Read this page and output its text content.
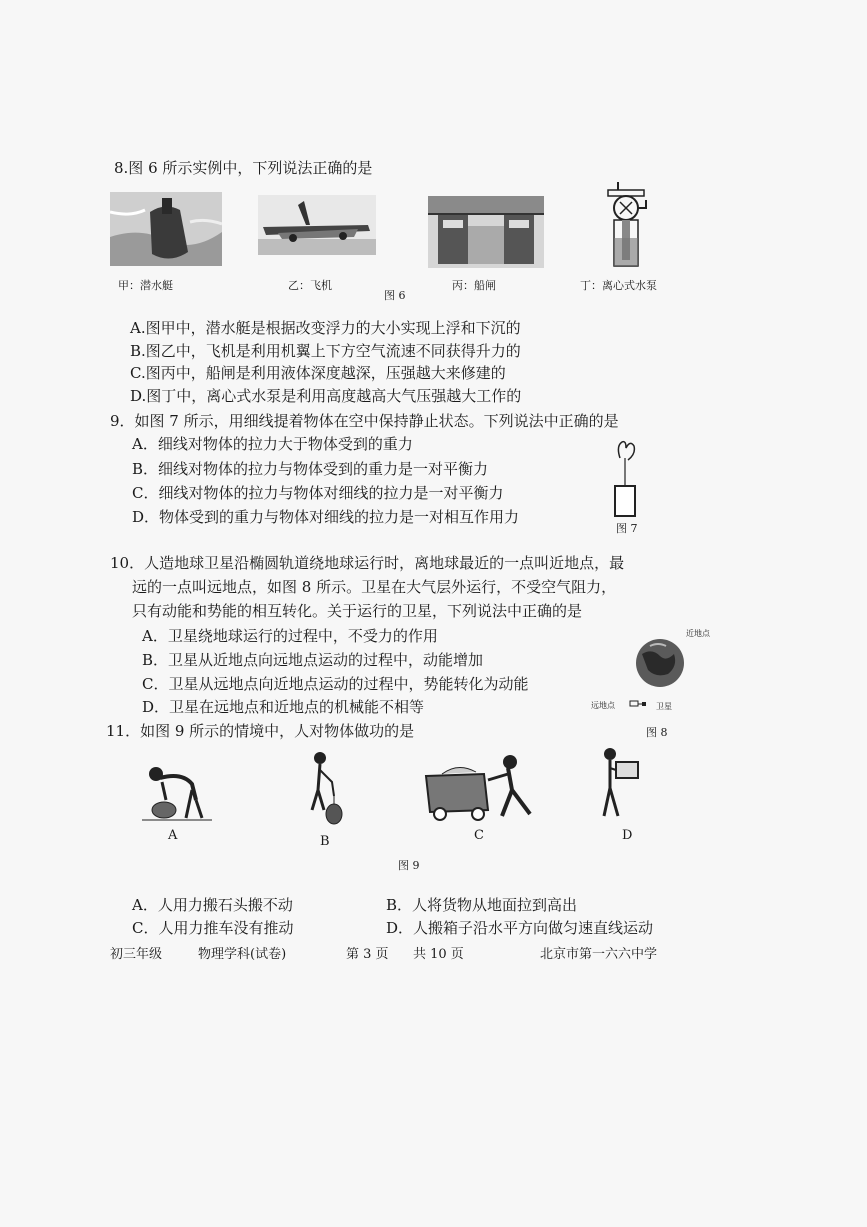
8.图 6 所示实例中，下列说法正确的是
甲：潜水艇	乙：飞机
图 6
丙：船闸	丁：离心式水泵
A.图甲中，潜水艇是根据改变浮力的大小实现上浮和下沉的
B.图乙中，飞机是利用机翼上下方空气流速不同获得升力的
C.图丙中，船闸是利用液体深度越深，压强越大来修建的
D.图丁中，离心式水泵是利用高度越高大气压强越大工作的
9．如图 7 所示，用细线提着物体在空中保持静止状态。下列说法中正确的是
A．细线对物体的拉力大于物体受到的重力
B．细线对物体的拉力与物体受到的重力是一对平衡力
C．细线对物体的拉力与物体对细线的拉力是一对平衡力
D．物体受到的重力与物体对细线的拉力是一对相互作用力
图 7
10．人造地球卫星沿椭圆轨道绕地球运行时，离地球最近的一点叫近地点，最
远的一点叫远地点，如图 8 所示。卫星在大气层外运行，不受空气阻力，
只有动能和势能的相互转化。关于运行的卫星，下列说法中正确的是
A．卫星绕地球运行的过程中，不受力的作用
B．卫星从近地点向远地点运动的过程中，动能增加
C．卫星从远地点向近地点运动的过程中，势能转化为动能
D．卫星在远地点和近地点的机械能不相等
近地点
远地点	卫星
图 8
11．如图 9 所示的情境中，人对物体做功的是
A	B	C	D
图 9
A．人用力搬石头搬不动	B．人将货物从地面拉到高出
C．人用力推车没有推动	D．人搬箱子沿水平方向做匀速直线运动
初三年级	物理学科(试卷)	第 3 页 共 10 页	北京市第一六六中学
